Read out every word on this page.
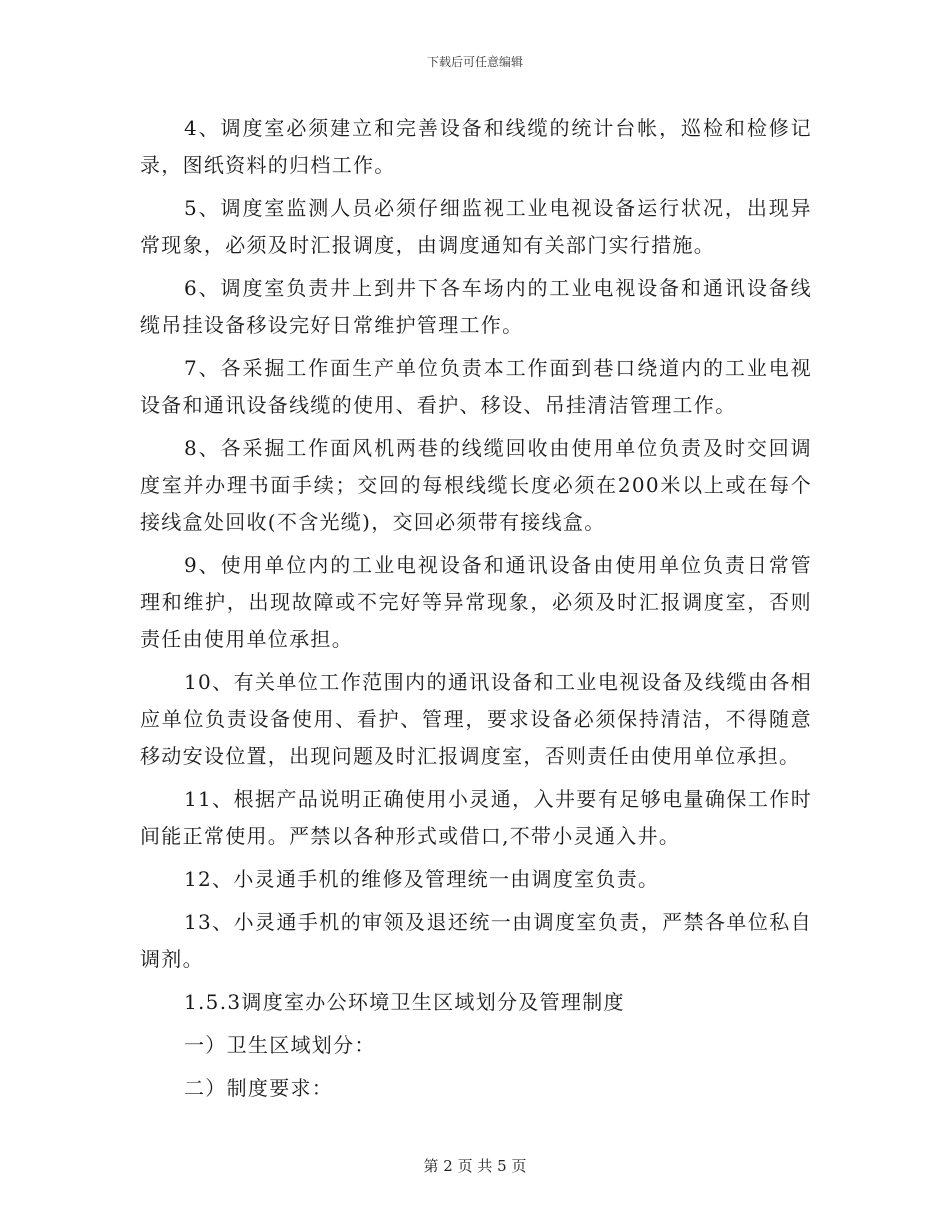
下载后可任意编辑

4、调度室必须建立和完善设备和线缆的统计台帐，巡检和检修记录，图纸资料的归档工作。

5、调度室监测人员必须仔细监视工业电视设备运行状况，出现异常现象，必须及时汇报调度，由调度通知有关部门实行措施。

6、调度室负责井上到井下各车场内的工业电视设备和通讯设备线缆吊挂设备移设完好日常维护管理工作。

7、各采掘工作面生产单位负责本工作面到巷口绕道内的工业电视设备和通讯设备线缆的使用、看护、移设、吊挂清洁管理工作。

8、各采掘工作面风机两巷的线缆回收由使用单位负责及时交回调度室并办理书面手续；交回的每根线缆长度必须在200米以上或在每个接线盒处回收(不含光缆)，交回必须带有接线盒。

9、使用单位内的工业电视设备和通讯设备由使用单位负责日常管理和维护，出现故障或不完好等异常现象，必须及时汇报调度室，否则责任由使用单位承担。

10、有关单位工作范围内的通讯设备和工业电视设备及线缆由各相应单位负责设备使用、看护、管理，要求设备必须保持清洁，不得随意移动安设位置，出现问题及时汇报调度室，否则责任由使用单位承担。

11、根据产品说明正确使用小灵通，入井要有足够电量确保工作时间能正常使用。严禁以各种形式或借口,不带小灵通入井。

12、小灵通手机的维修及管理统一由调度室负责。

13、小灵通手机的审领及退还统一由调度室负责，严禁各单位私自调剂。

1.5.3调度室办公环境卫生区域划分及管理制度

一）卫生区域划分：

二）制度要求：

第 2 页 共 5 页
